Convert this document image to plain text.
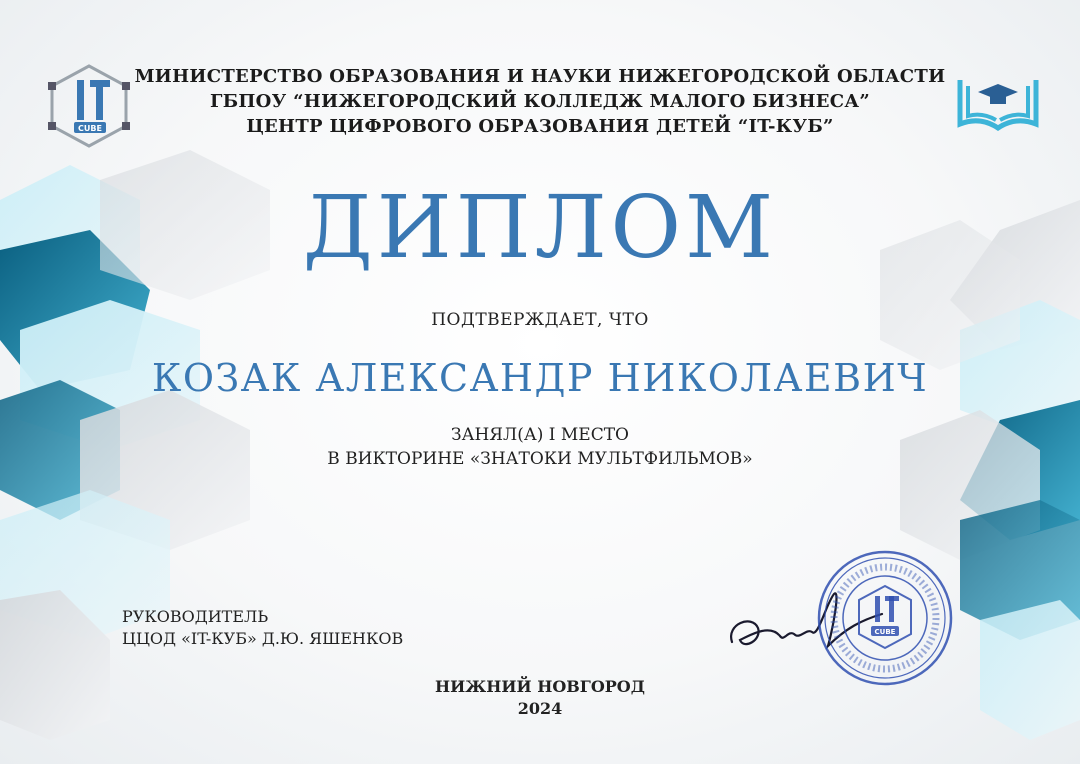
CUBE
МИНИСТЕРСТВО ОБРАЗОВАНИЯ И НАУКИ НИЖЕГОРОДСКОЙ ОБЛАСТИ
ГБПОУ “НИЖЕГОРОДСКИЙ КОЛЛЕДЖ МАЛОГО БИЗНЕСА”
ЦЕНТР ЦИФРОВОГО ОБРАЗОВАНИЯ ДЕТЕЙ “IT-КУБ”
ДИПЛОМ
ПОДТВЕРЖДАЕТ, ЧТО
КОЗАК АЛЕКСАНДР НИКОЛАЕВИЧ
ЗАНЯЛ(А) I МЕСТО
В ВИКТОРИНЕ «ЗНАТОКИ МУЛЬТФИЛЬМОВ»
РУКОВОДИТЕЛЬ
ЦЦОД «IT-КУБ» Д.Ю. ЯШЕНКОВ	CUBE
НИЖНИЙ НОВГОРОД
2024
